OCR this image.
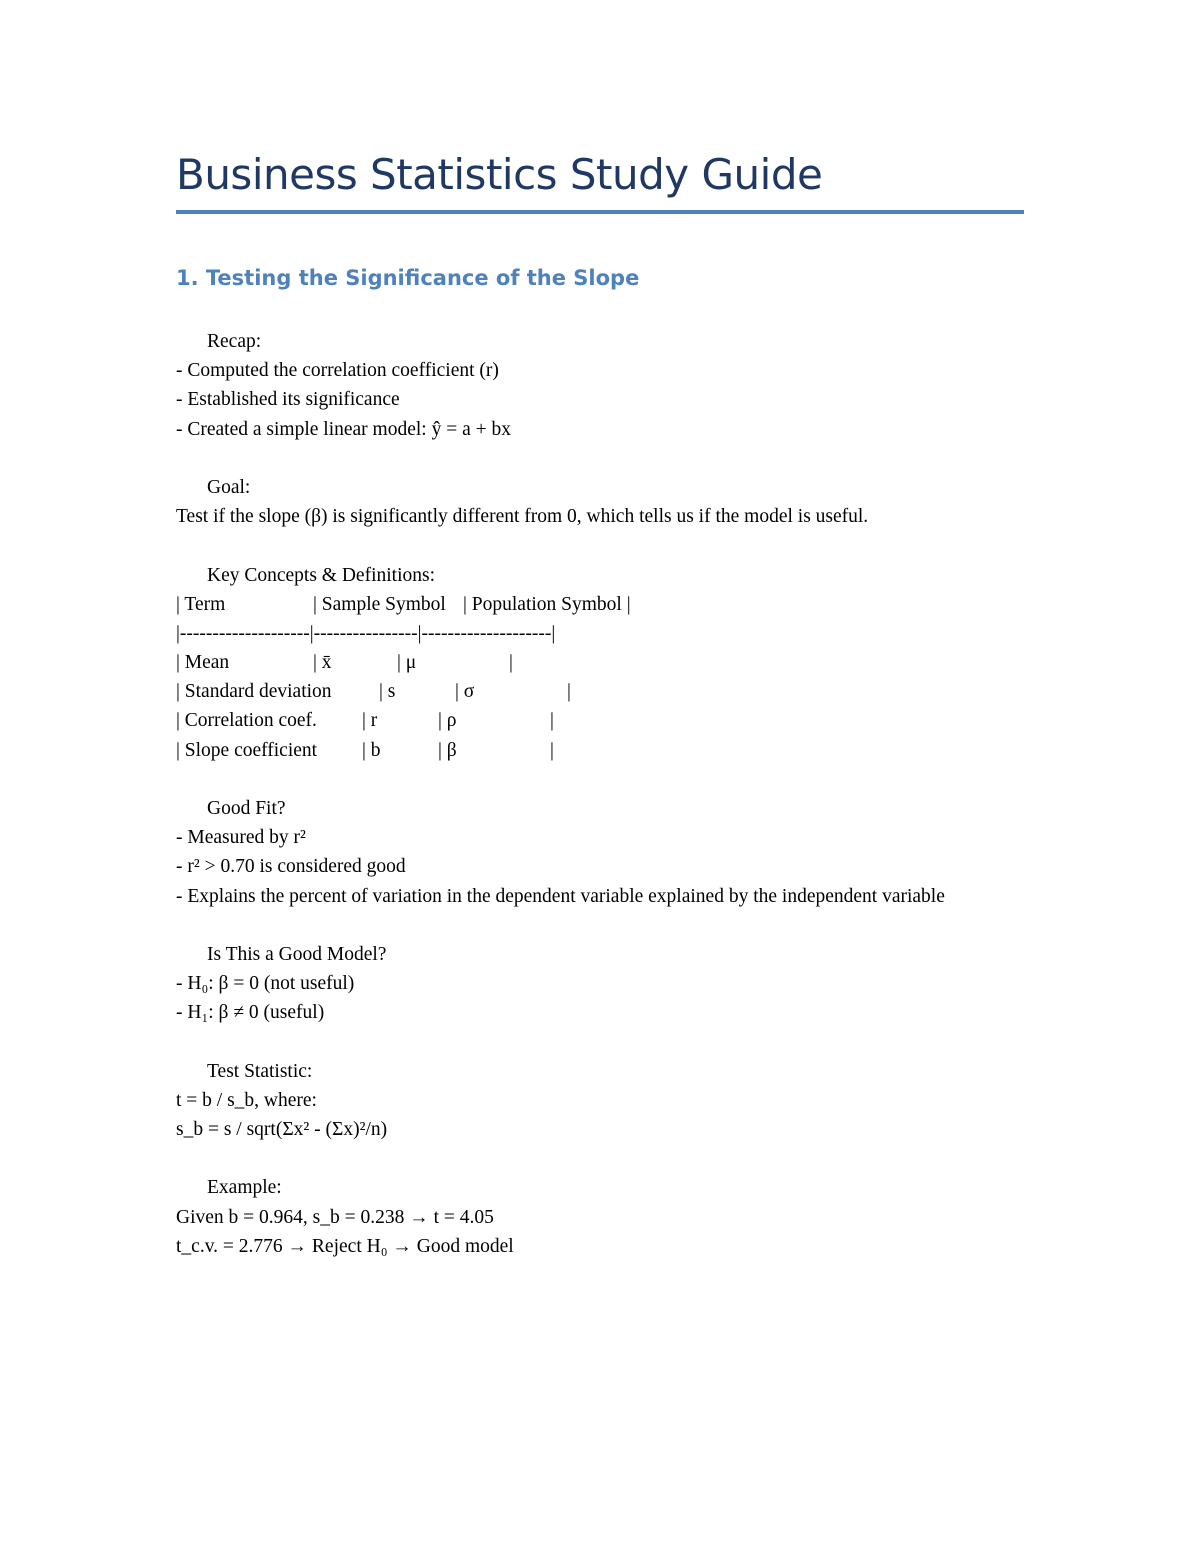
Business Statistics Study Guide
1. Testing the Significance of the Slope
Recap:
- Computed the correlation coefficient (r)
- Established its significance
- Created a simple linear model: ŷ = a + bx
Goal:
Test if the slope (β) is significantly different from 0, which tells us if the model is useful.
Key Concepts & Definitions:
| Term	| Sample Symbol | Population Symbol |
|--------------------|----------------|--------------------|
| Mean	| x̄	| μ	|
| Standard deviation | s	| σ	|
| Correlation coef. | r	| ρ	|
| Slope coefficient | b	| β	|
Good Fit?
- Measured by r²
- r² > 0.70 is considered good
- Explains the percent of variation in the dependent variable explained by the independent variable
Is This a Good Model?
- H₀: β = 0 (not useful)
- H₁: β ≠ 0 (useful)
Test Statistic:
t = b / s_b, where:
s_b = s / sqrt(Σx² - (Σx)²/n)
Example:
Given b = 0.964, s_b = 0.238 → t = 4.05
t_c.v. = 2.776 → Reject H₀ → Good model
